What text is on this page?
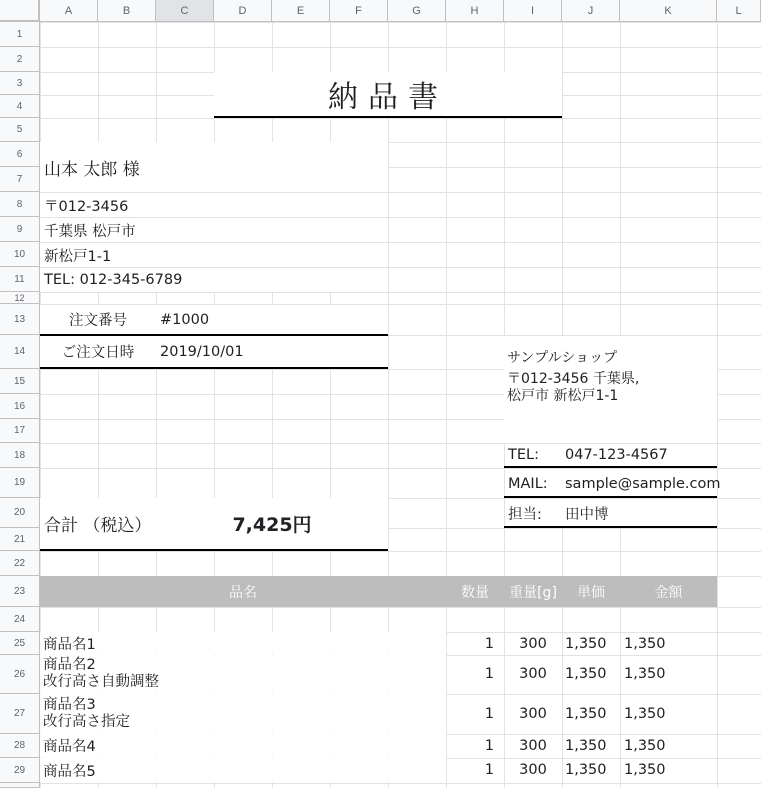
納品書
山本 太郎 様
〒012-3456
千葉県 松戸市
新松戸1-1
TEL: 012-345-6789
注文番号	#1000
ご注文日時	2019/10/01
合計 （税込）	7,425円
サンプルショップ
〒012-3456 千葉県,
松戸市 新松戸1-1
TEL: 047-123-4567
MAIL: sample@sample.com
担当: 田中博
品名	数量	重量[g]	単価	金額
商品名1	1	300	1,350 1,350
商品名2
改行高さ自動調整	1	300	1,350 1,350
商品名3
改行高さ指定	1	300	1,350 1,350
商品名4	1	300	1,350 1,350
商品名5	1	300	1,350 1,350
A	B	C	D	E	F	G	H	I	J	K	L
1
2
3
4
5
6
7
8
9
10
11
12
13
14
15
16
17
18
19
20
21
22
23
24
25
26
27
28
29
